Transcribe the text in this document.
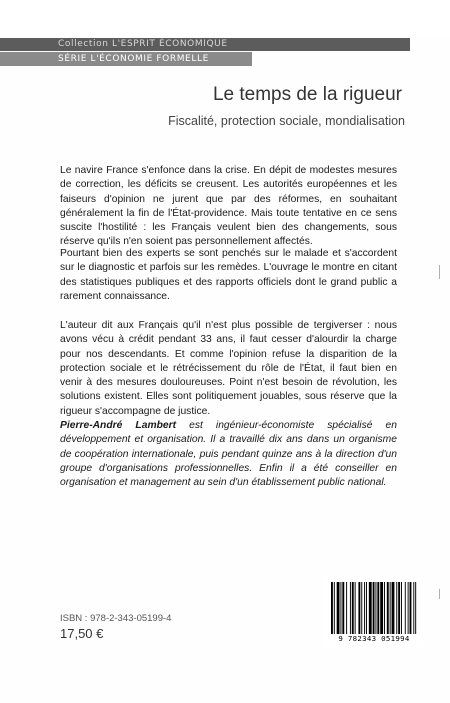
Collection L'ESPRIT ÉCONOMIQUE
SÉRIE L'ÉCONOMIE FORMELLE
Le temps de la rigueur
Fiscalité, protection sociale, mondialisation

Le navire France s'enfonce dans la crise. En dépit de modestes mesures de correction, les déficits se creusent. Les autorités européennes et les faiseurs d'opinion ne jurent que par des réformes, en souhaitant généralement la fin de l'État-providence. Mais toute tentative en ce sens suscite l'hostilité : les Français veulent bien des changements, sous réserve qu'ils n'en soient pas personnellement affectés.

Pourtant bien des experts se sont penchés sur le malade et s'accordent sur le diagnostic et parfois sur les remèdes. L'ouvrage le montre en citant des statistiques publiques et des rapports officiels dont le grand public a rarement connaissance.

L'auteur dit aux Français qu'il n'est plus possible de tergiverser : nous avons vécu à crédit pendant 33 ans, il faut cesser d'alourdir la charge pour nos descendants. Et comme l'opinion refuse la disparition de la protection sociale et le rétrécissement du rôle de l'État, il faut bien en venir à des mesures douloureuses. Point n'est besoin de révolution, les solutions existent. Elles sont politiquement jouables, sous réserve que la rigueur s'accompagne de justice.

Pierre-André Lambert est ingénieur-économiste spécialisé en développement et organisation. Il a travaillé dix ans dans un organisme de coopération internationale, puis pendant quinze ans à la direction d'un groupe d'organisations professionnelles. Enfin il a été conseiller en organisation et management au sein d'un établissement public national.

ISBN : 978-2-343-05199-4
17,50 €	9 782343 051994
